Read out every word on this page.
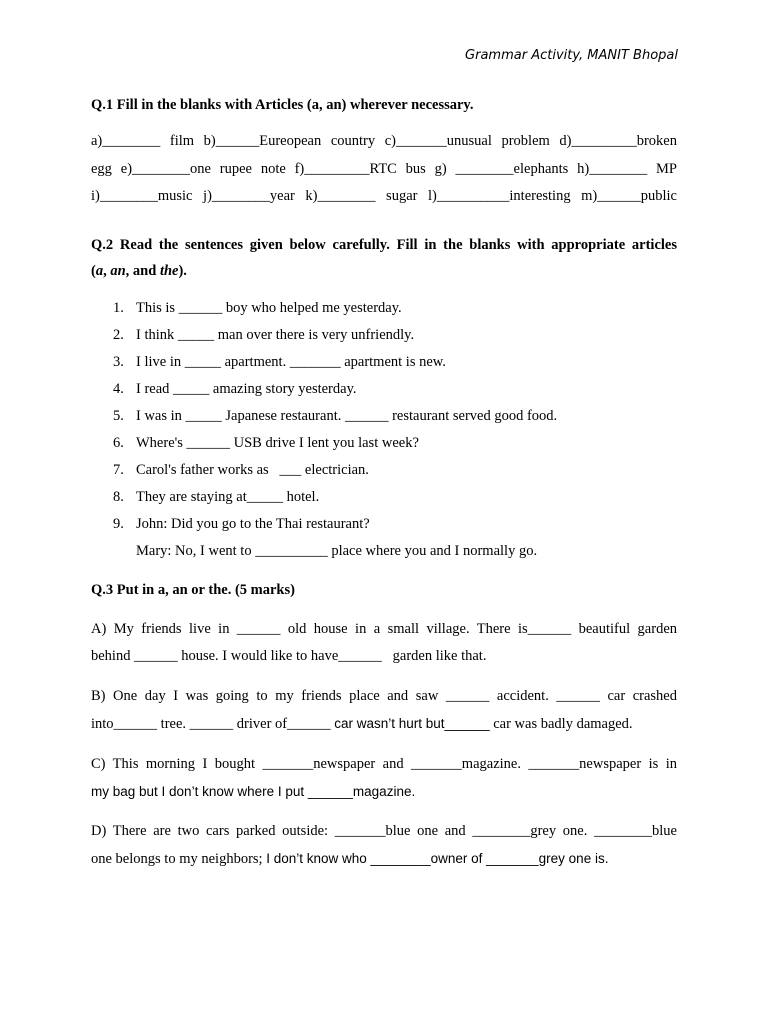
Grammar Activity, MANIT Bhopal

Q.1 Fill in the blanks with Articles (a, an) wherever necessary.

a)________ film b)______Eureopean country c)_______unusual problem d)_________broken
egg e)________one rupee note f)_________RTC bus g) ________elephants h)________ MP
i)________music j)________year k)________ sugar l)__________interesting m)______public
Q.2 Read the sentences given below carefully. Fill in the blanks with appropriate articles
(a, an, and the).
1. This is ______ boy who helped me yesterday.
2. I think _____ man over there is very unfriendly.
3. I live in _____ apartment. _______ apartment is new.
4. I read _____ amazing story yesterday.
5. I was in _____ Japanese restaurant. ______ restaurant served good food.
6. Where's ______ USB drive I lent you last week?
7. Carol's father works as   ___ electrician.
8. They are staying at_____ hotel.
9. John: Did you go to the Thai restaurant?
Mary: No, I went to __________ place where you and I normally go.

Q.3 Put in a, an or the. (5 marks)

A) My friends live in ______ old house in a small village. There is______ beautiful garden
behind ______ house. I would like to have______   garden like that.
B) One day I was going to my friends place and saw ______ accident. ______ car crashed
into______ tree. ______ driver of______ car wasn’t hurt but______ car was badly damaged.
C) This morning I bought _______newspaper and _______magazine. _______newspaper is in
my bag but I don’t know where I put ______magazine.
D) There are two cars parked outside: _______blue one and ________grey one. ________blue
one belongs to my neighbors; I don’t know who ________owner of _______grey one is.
